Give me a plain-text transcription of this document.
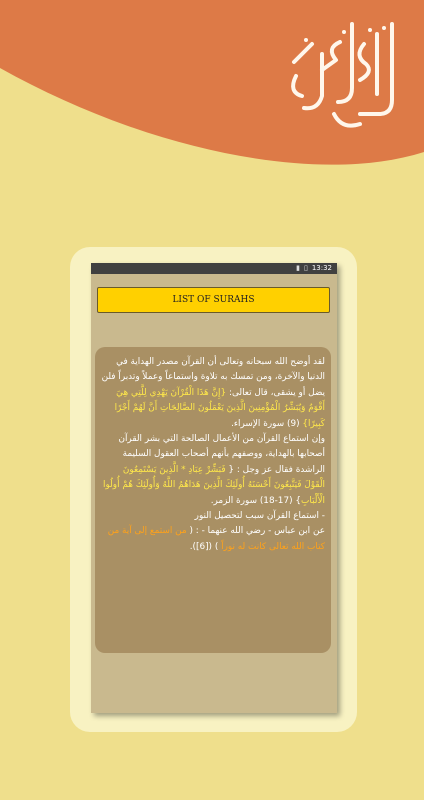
▮ ▯ 13:32
LIST OF SURAHS

لقد أوضح الله سبحانه وتعالى أن القرآن مصدر الهداية في الدنيا والآخرة، ومن تمسك به تلاوة واستماعاً وعملاً وتدبراً فلن يضل أو يشقى، قال تعالى: {إِنَّ هَذَا الْقُرْآنَ يَهْدِي لِلَّتِي هِيَ أَقْوَمُ وَيُبَشِّرُ الْمُؤْمِنِينَ الَّذِينَ يَعْمَلُونَ الصَّالِحَاتِ أَنَّ لَهُمْ أَجْرًا كَبِيرًا} (9) سورة الإسراء.

وإن استماع القرآن من الأعمال الصالحة التي بشر القرآن أصحابها بالهداية، ووصفهم بأنهم أصحاب العقول السليمة الراشدة فقال عز وجل : { فَبَشِّرْ عِبَادِ * الَّذِينَ يَسْتَمِعُونَ الْقَوْلَ فَيَتَّبِعُونَ أَحْسَنَهُ أُولَئِكَ الَّذِينَ هَدَاهُمُ اللَّهُ وَأُولَئِكَ هُمْ أُولُوا الْأَلْبَابِ} (17-18) سورة الزمر.

- استماع القرآن سبب لتحصيل النور

عن ابن عباس - رضي الله عنهما - : ( من استمع إلى آية من كتاب الله تعالى كانت له نوراً ) ([6]).
